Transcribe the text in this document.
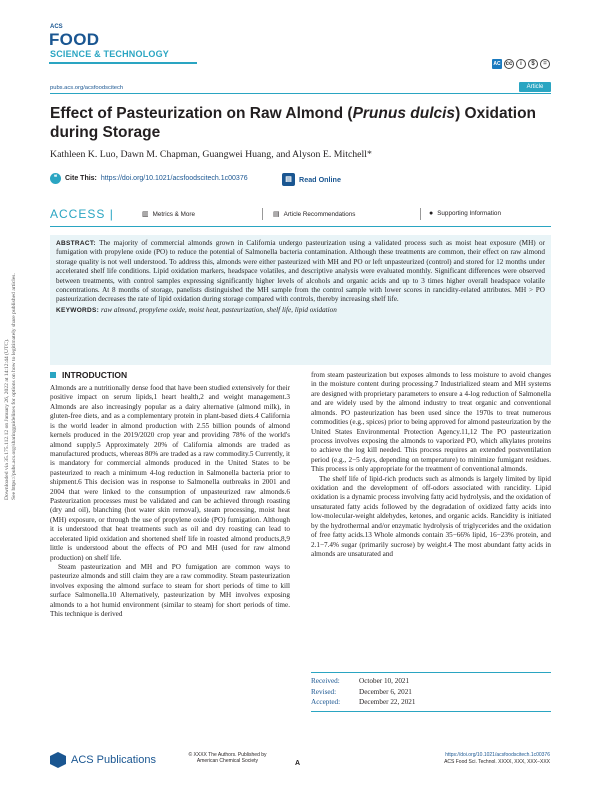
Downloaded via 35.175.112.12 on January 26, 2022 at 14:12:44 (UTC). See https://pubs.acs.org/sharingguidelines for options on how to legitimately share published articles.
ACS
FOOD
SCIENCE & TECHNOLOGY
AC cc	i	$	=
pubs.acs.org/acsfoodscitech	Article
Effect of Pasteurization on Raw Almond (Prunus dulcis) Oxidation during Storage
Kathleen K. Luo, Dawn M. Chapman, Guangwei Huang, and Alyson E. Mitchell*
❝	Cite This: https://doi.org/10.1021/acsfoodscitech.1c00376	▤ Read Online
ACCESS |	▥ Metrics & More	▤ Article Recommendations	● Supporting Information
ABSTRACT: The majority of commercial almonds grown in California undergo pasteurization using a validated process such as moist heat exposure (MH) or fumigation with propylene oxide (PO) to reduce the potential of Salmonella bacteria contamination. Although these treatments are common, their effect on raw almond storage quality is not well understood. To address this, almonds were either pasteurized with MH and PO or left unpasteurized (control) and stored for 12 months under accelerated shelf life conditions. Lipid oxidation markers, headspace volatiles, and descriptive analysis were evaluated monthly. Significant differences were observed between treatments, with control samples expressing significantly higher levels of alcohols and organic acids and up to 3 times higher overall headspace volatile concentrations. At 8 months of storage, panelists distinguished the MH sample from the control sample with lower scores in rancidity-related attributes. MH > PO pasteurization decreases the rate of lipid oxidation during storage compared with controls, thereby increasing shelf life.
KEYWORDS: raw almond, propylene oxide, moist heat, pasteurization, shelf life, lipid oxidation
INTRODUCTION

Almonds are a nutritionally dense food that have been studied extensively for their positive impact on serum lipids,1 heart health,2 and weight management.3 Almonds are also increasingly popular as a dairy alternative (almond milk), in gluten-free diets, and as a complementary protein in plant-based diets.4 California is the world leader in almond production with 2.55 billion pounds of almond kernels produced in the 2019/2020 crop year and providing 78% of the world's almond supply.5 Approximately 20% of California almonds are traded as manufactured products, whereas 80% are traded as a raw commodity.5 Currently, it is mandatory for commercial almonds produced in the United States to be pasteurized to reach a minimum 4-log reduction in Salmonella bacteria prior to shipment.6 This decision was in response to Salmonella outbreaks in 2001 and 2004 that were linked to the consumption of unpasteurized raw almonds.6 Pasteurization processes must be validated and can be achieved through roasting (dry and oil), blanching (hot water skin removal), steam processing, moist heat (MH) exposure, or through the use of propylene oxide (PO) fumigation. Although it is understood that heat treatments such as oil and dry roasting can lead to accelerated lipid oxidation and shortened shelf life in roasted almond products,8,9 little is understood about the effects of PO and MH (used for raw almond production) on shelf life.

Steam pasteurization and MH and PO fumigation are common ways to pasteurize almonds and still claim they are a raw commodity. Steam pasteurization involves exposing the almond surface to steam for short periods of time to kill surface Salmonella.10 Alternatively, pasteurization by MH involves exposing almonds to a hot humid environment (similar to steam) for short periods of time. This technique is derived

from steam pasteurization but exposes almonds to less moisture to avoid changes in the moisture content during processing.7 Industrialized steam and MH systems are designed with proprietary parameters to ensure a 4-log reduction of Salmonella and are widely used by the almond industry to treat organic and conventional almonds. PO pasteurization has been used since the 1970s to treat numerous commodities (e.g., spices) prior to being approved for almond pasteurization by the United States Environmental Protection Agency.11,12 The PO pasteurization process involves exposing the almonds to vaporized PO, which alkylates proteins to achieve the log kill needed. This process requires an extended postventilation period (e.g., 2−5 days, depending on temperature) to minimize fumigant residues. This process is only appropriate for the treatment of conventional almonds.

The shelf life of lipid-rich products such as almonds is largely limited by lipid oxidation and the development of off-odors associated with rancidity. Lipid oxidation is a dynamic process involving fatty acid hydrolysis, and the oxidation of unsaturated fatty acids followed by the degradation of oxidized fatty acids into low-molecular-weight aldehydes, ketones, and organic acids. Rancidity is initiated by the hydrothermal and/or enzymatic hydrolysis of triglycerides and the oxidation of free fatty acids.13 Whole almonds contain 35−66% lipid, 16−23% protein, and 2.1−7.4% sugar (primarily sucrose) by weight.4 The most abundant fatty acids in almonds are unsaturated and

Received:	October 10, 2021
Revised:	December 6, 2021
Accepted:	December 22, 2021
ACS Publications	© XXXX The Authors. Published by
American Chemical Society	A
https://doi.org/10.1021/acsfoodscitech.1c00376
ACS Food Sci. Technol. XXXX, XXX, XXX−XXX
